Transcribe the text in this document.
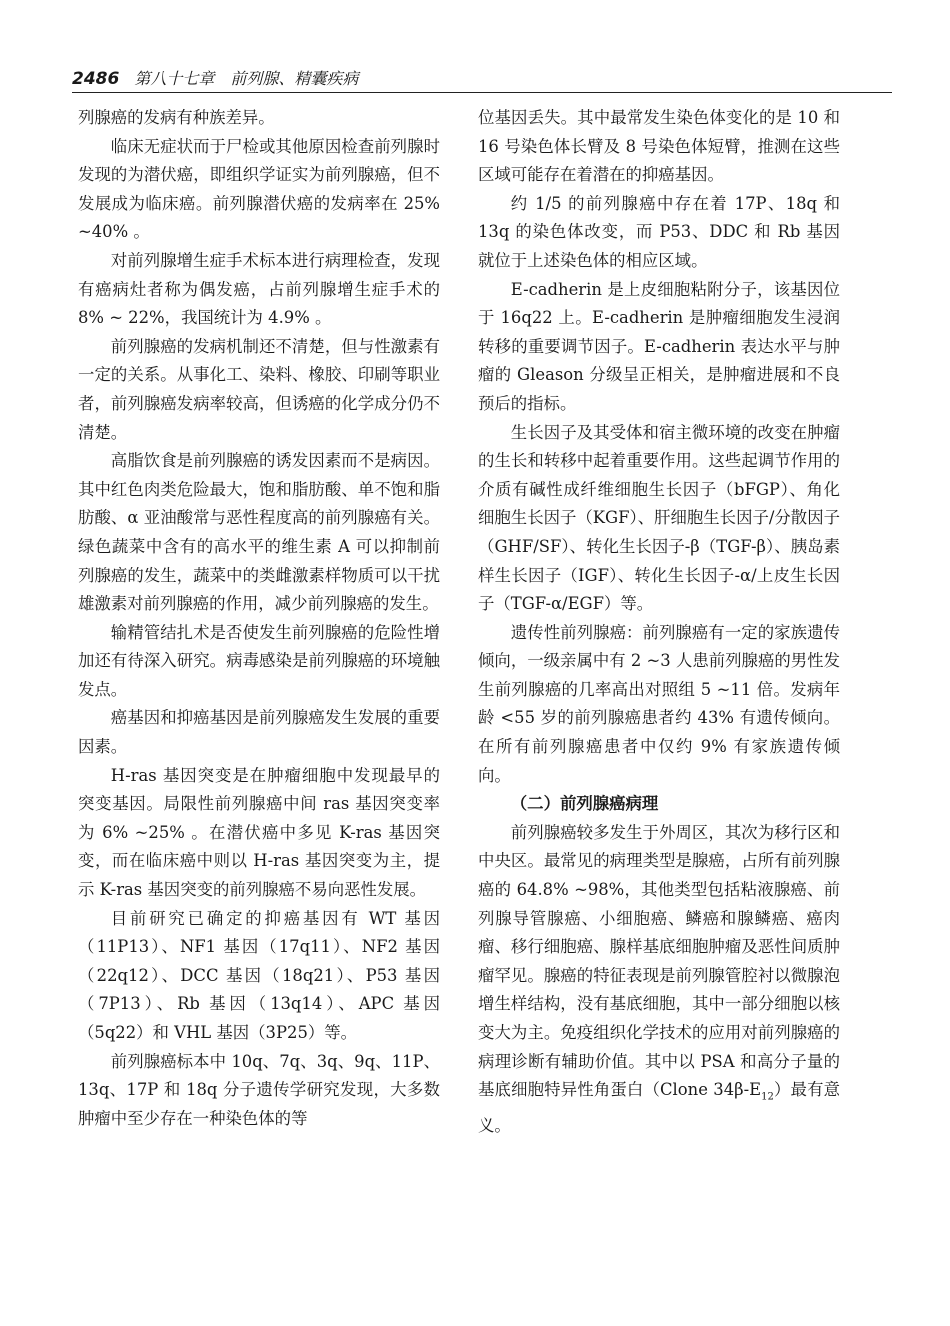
2486 第八十七章　前列腺、精囊疾病

列腺癌的发病有种族差异。

临床无症状而于尸检或其他原因检查前列腺时发现的为潜伏癌，即组织学证实为前列腺癌，但不发展成为临床癌。前列腺潜伏癌的发病率在 25% ~40% 。

对前列腺增生症手术标本进行病理检查，发现有癌病灶者称为偶发癌，占前列腺增生症手术的 8% ~ 22%，我国统计为 4.9% 。

前列腺癌的发病机制还不清楚，但与性激素有一定的关系。从事化工、染料、橡胶、印刷等职业者，前列腺癌发病率较高，但诱癌的化学成分仍不清楚。

高脂饮食是前列腺癌的诱发因素而不是病因。其中红色肉类危险最大，饱和脂肪酸、单不饱和脂肪酸、α 亚油酸常与恶性程度高的前列腺癌有关。绿色蔬菜中含有的高水平的维生素 A 可以抑制前列腺癌的发生，蔬菜中的类雌激素样物质可以干扰雄激素对前列腺癌的作用，减少前列腺癌的发生。

输精管结扎术是否使发生前列腺癌的危险性增加还有待深入研究。病毒感染是前列腺癌的环境触发点。

癌基因和抑癌基因是前列腺癌发生发展的重要因素。

H-ras 基因突变是在肿瘤细胞中发现最早的突变基因。局限性前列腺癌中间 ras 基因突变率为 6% ~25% 。在潜伏癌中多见 K-ras 基因突变，而在临床癌中则以 H-ras 基因突变为主，提示 K-ras 基因突变的前列腺癌不易向恶性发展。

目前研究已确定的抑癌基因有 WT 基因（11P13）、NF1 基因（17q11）、NF2 基因（22q12）、DCC 基因（18q21）、P53 基因（7P13）、Rb 基因（13q14）、APC 基因（5q22）和 VHL 基因（3P25）等。

前列腺癌标本中 10q、7q、3q、9q、11P、13q、17P 和 18q 分子遗传学研究发现，大多数肿瘤中至少存在一种染色体的等

位基因丢失。其中最常发生染色体变化的是 10 和 16 号染色体长臂及 8 号染色体短臂，推测在这些区域可能存在着潜在的抑癌基因。

约 1/5 的前列腺癌中存在着 17P、18q 和 13q 的染色体改变，而 P53、DDC 和 Rb 基因就位于上述染色体的相应区域。

E-cadherin 是上皮细胞粘附分子，该基因位于 16q22 上。E-cadherin 是肿瘤细胞发生浸润转移的重要调节因子。E-cadherin 表达水平与肿瘤的 Gleason 分级呈正相关，是肿瘤进展和不良预后的指标。

生长因子及其受体和宿主微环境的改变在肿瘤的生长和转移中起着重要作用。这些起调节作用的介质有碱性成纤维细胞生长因子（bFGP）、角化细胞生长因子（KGF）、肝细胞生长因子/分散因子（GHF/SF）、转化生长因子-β（TGF-β）、胰岛素样生长因子（IGF）、转化生长因子-α/上皮生长因子（TGF-α/EGF）等。

遗传性前列腺癌：前列腺癌有一定的家族遗传倾向，一级亲属中有 2 ~3 人患前列腺癌的男性发生前列腺癌的几率高出对照组 5 ~11 倍。发病年龄 <55 岁的前列腺癌患者约 43% 有遗传倾向。在所有前列腺癌患者中仅约 9% 有家族遗传倾向。

（二）前列腺癌病理

前列腺癌较多发生于外周区，其次为移行区和中央区。最常见的病理类型是腺癌，占所有前列腺癌的 64.8% ~98%，其他类型包括粘液腺癌、前列腺导管腺癌、小细胞癌、鳞癌和腺鳞癌、癌肉瘤、移行细胞癌、腺样基底细胞肿瘤及恶性间质肿瘤罕见。腺癌的特征表现是前列腺管腔衬以微腺泡增生样结构，没有基底细胞，其中一部分细胞以核变大为主。免疫组织化学技术的应用对前列腺癌的病理诊断有辅助价值。其中以 PSA 和高分子量的基底细胞特异性角蛋白（Clone $34\beta-E_{12}$）最有意义。
